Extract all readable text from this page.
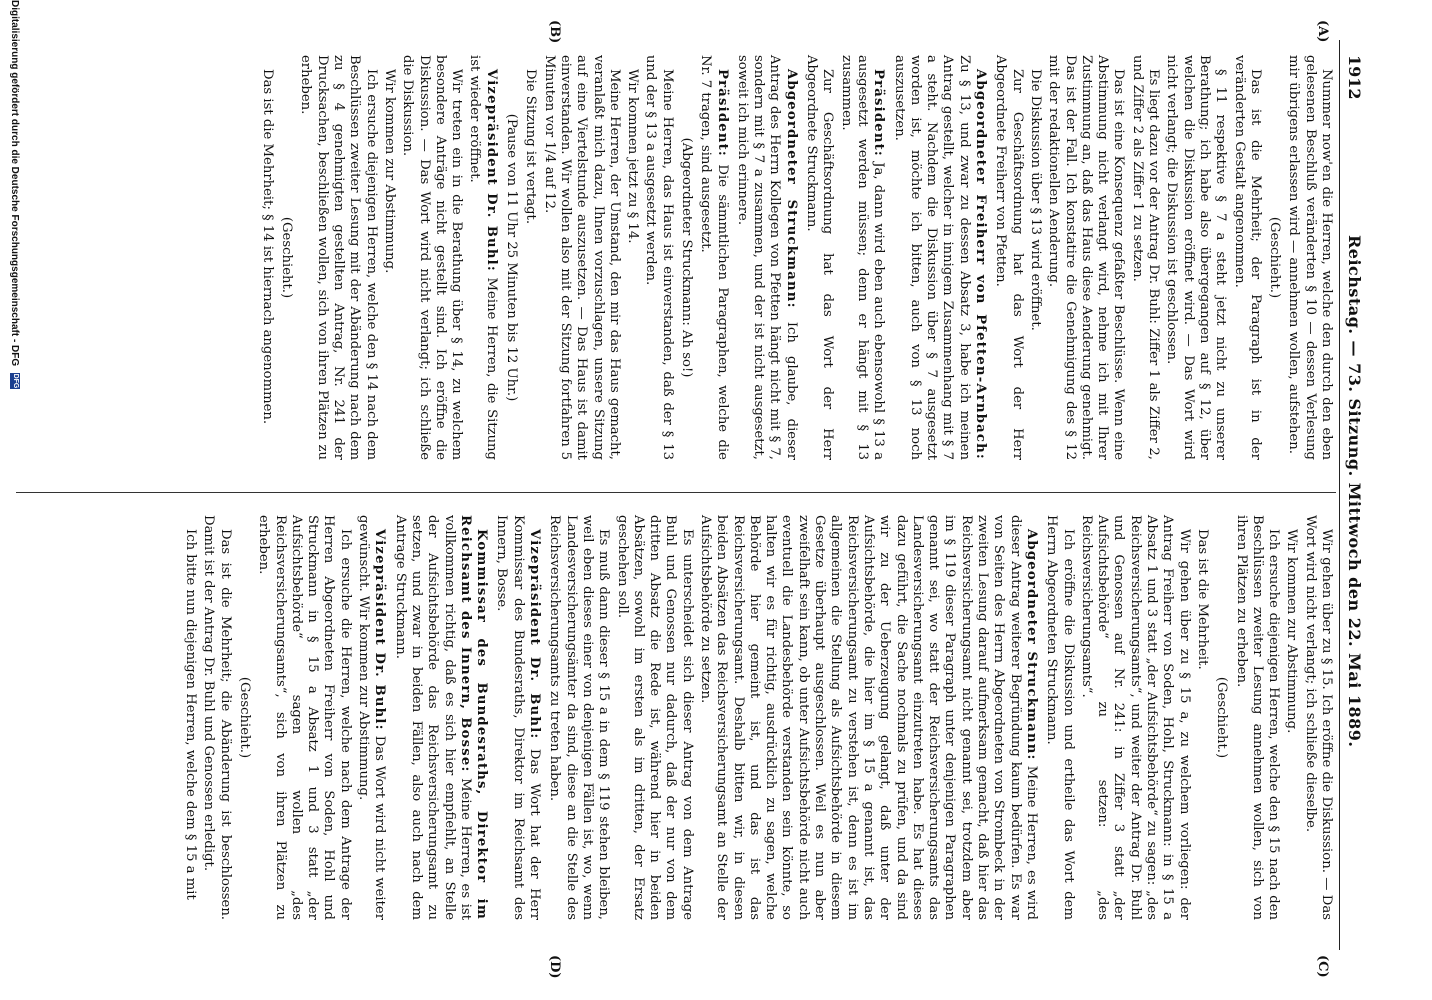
1912
Reichstag. — 73. Sitzung. Mittwoch den 22. Mai 1889.
(A)
(B)
(C)
(D)

Nummer now'en die Herren, welche den durch den eben gelesenen Beschluß veränderten § 10 — dessen Verlesung mir übrigens erlassen wird — annehmen wollen, aufstehen.

(Geschieht.)

Das ist die Mehrheit; der Paragraph ist in der veränderten Gestalt angenommen.

§ 11 respektive § 7 a steht jetzt nicht zu unserer Berathung; ich habe also übergegangen auf § 12, über welchen die Diskussion eröffnet wird. — Das Wort wird nicht verlangt; die Diskussion ist geschlossen.

Es liegt dazu vor der Antrag Dr. Buhl: Ziffer 1 als Ziffer 2, und Ziffer 2 als Ziffer 1 zu setzen.

Das ist eine Konsequenz gefaßter Beschlüsse. Wenn eine Abstimmung nicht verlangt wird, nehme ich mit Ihrer Zustimmung an, daß das Haus diese Aenderung genehmigt. Das ist der Fall. Ich konstatire die Genehmigung des § 12 mit der redaktionellen Aenderung.

Die Diskussion über § 13 wird eröffnet.

Zur Geschäftsordnung hat das Wort der Herr Abgeordnete Freiherr von Pfetten.

Abgeordneter Freiherr von Pfetten-Arnbach: Zu § 13, und zwar zu dessen Absatz 3, habe ich meinen Antrag gestellt, welcher in innigem Zusammenhang mit § 7 a steht. Nachdem die Diskussion über § 7 ausgesetzt worden ist, möchte ich bitten, auch von § 13 noch auszusetzen.

Präsident: Ja, dann wird eben auch ebensowohl § 13 a ausgesetzt werden müssen; denn er hängt mit § 13 zusammen.

Zur Geschäftsordnung hat das Wort der Herr Abgeordnete Struckmann.

Abgeordneter Struckmann: Ich glaube, dieser Antrag des Herrn Kollegen von Pfetten hängt nicht mit § 7, sondern mit § 7 a zusammen, und der ist nicht ausgesetzt, soweit ich mich erinnere.

Präsident: Die sämmtlichen Paragraphen, welche die Nr. 7 tragen, sind ausgesetzt.

(Abgeordneter Struckmann: Ah so!)

Meine Herren, das Haus ist einverstanden, daß der § 13 und der § 13 a ausgesetzt werden.

Wir kommen jetzt zu § 14.

Meine Herren, der Umstand, den mir das Haus gemacht, veranlaßt mich dazu, Ihnen vorzuschlagen, unsere Sitzung auf eine Viertelstunde auszusetzen. — Das Haus ist damit einverstanden. Wir wollen also mit der Sitzung fortfahren 5 Minuten vor 1/4 auf 12.

Die Sitzung ist vertagt.

(Pause von 11 Uhr 25 Minuten bis 12 Uhr.)

Vizepräsident Dr. Buhl: Meine Herren, die Sitzung ist wieder eröffnet.

Wir treten ein in die Berathung über § 14, zu welchem besondere Anträge nicht gestellt sind. Ich eröffne die Diskussion. — Das Wort wird nicht verlangt; ich schließe die Diskussion.

Wir kommen zur Abstimmung.

Ich ersuche diejenigen Herren, welche den § 14 nach dem Beschlüssen zweiter Lesung mit der Abänderung nach dem zu § 4 genehmigten gestellten Antrag, Nr. 241 der Drucksachen, beschließen wollen, sich von ihren Plätzen zu erheben.

(Geschieht.)

Das ist die Mehrheit; § 14 ist hiernach angenommen.

Wir gehen über zu § 15. Ich eröffne die Diskussion. — Das Wort wird nicht verlangt; ich schließe dieselbe.

Wir kommen zur Abstimmung.

Ich ersuche diejenigen Herren, welche den § 15 nach den Beschlüssen zweiter Lesung annehmen wollen, sich von ihren Plätzen zu erheben.

(Geschieht.)

Das ist die Mehrheit.

Wir gehen über zu § 15 a, zu welchem vorliegen: der Antrag Freiherr von Soden, Hohl, Struckmann: in § 15 a Absatz 1 und 3 statt „der Aufsichtsbehörde“ zu sagen: „des Reichsversicherungsamts“, und weiter der Antrag Dr. Buhl und Genossen auf Nr. 241: in Ziffer 3 statt „der Aufsichtsbehörde“ zu setzen: „des Reichsversicherungsamts“.

Ich eröffne die Diskussion und ertheile das Wort dem Herrn Abgeordneten Struckmann.

Abgeordneter Struckmann: Meine Herren, es wird dieser Antrag weiterer Begründung kaum bedürfen. Es war von Seiten des Herrn Abgeordneten von Strombeck in der zweiten Lesung darauf aufmerksam gemacht, daß hier das Reichsversicherungsamt nicht genannt sei, trotzdem aber im § 119 dieser Paragraph unter denjenigen Paragraphen genannt sei, wo statt der Reichsversicherungsamts das Landesversicherungsamt einzutreten habe. Es hat dieses dazu geführt, die Sache nochmals zu prüfen, und da sind wir zu der Ueberzeugung gelangt, daß unter der Aufsichtsbehörde, die hier im § 15 a genannt ist, das Reichsversicherungsamt zu verstehen ist, denn es ist im allgemeinen die Stellung als Aufsichtsbehörde in diesem Gesetze überhaupt ausgeschlossen. Weil es nun aber zweifelhaft sein kann, ob unter Aufsichtsbehörde nicht auch eventuell die Landesbehörde verstanden sein könnte, so halten wir es für richtig, ausdrücklich zu sagen, welche Behörde hier gemeint ist, und das ist das Reichsversicherungsamt. Deshalb bitten wir, in diesen beiden Absätzen das Reichsversicherungsamt an Stelle der Aufsichtsbehörde zu setzen.

Es unterscheidet sich dieser Antrag von dem Antrage Buhl und Genossen nur dadurch, daß der nur von dem dritten Absatz die Rede ist, während hier in beiden Absätzen, sowohl im ersten als im dritten, der Ersatz geschehen soll.

Es muß dann dieser § 15 a in dem § 119 stehen bleiben, weil eben dieses einer von denjenigen Fällen ist, wo, wenn Landesversicherungsämter da sind, diese an die Stelle des Reichsversicherungsamts zu treten haben.

Vizepräsident Dr. Buhl: Das Wort hat der Herr Kommissar des Bundesraths, Direktor im Reichsamt des Innern, Bosse.

Kommissar des Bundesraths, Direktor im Reichsamt des Innern, Bosse: Meine Herren, es ist vollkommen richtig, daß es sich hier empfiehlt, an Stelle der Aufsichtsbehörde das Reichsversicherungsamt zu setzen, und zwar in beiden Fällen, also auch nach dem Antrage Struckmann.

Vizepräsident Dr. Buhl: Das Wort wird nicht weiter gewünscht. Wir kommen zur Abstimmung.

Ich ersuche die Herren, welche nach dem Antrage der Herren Abgeordneten Freiherr von Soden, Hohl und Struckmann in § 15 a Absatz 1 und 3 statt „der Aufsichtsbehörde“ sagen wollen „des Reichsversicherungsamts“, sich von ihren Plätzen zu erheben.

(Geschieht.)

Das ist die Mehrheit; die Abänderung ist beschlossen. Damit ist der Antrag Dr. Buhl und Genossen erledigt.

Ich bitte nun diejenigen Herren, welche dem § 15 a mit

Digitalisierung gefördert durch die Deutsche Forschungsgemeinschaft - DFG DFG
